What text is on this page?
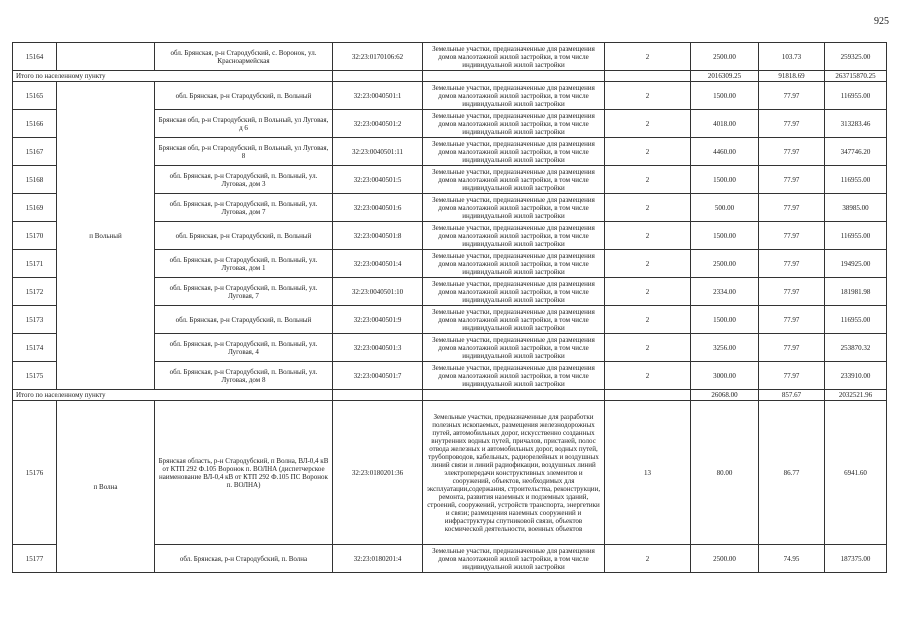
925
15164		обл. Брянская, р-н Стародубский, с. Воронок, ул. Красноармейская	32:23:0170106:62	Земельные участки, предназначенные для размещения домов малоэтажной жилой застройки, в том числе индивидуальной жилой застройки	2	2500.00	103.73	259325.00
Итого по населенному пункту						2016309.25	91818.69	263715870.25
15165	п Вольный	обл. Брянская, р-н Стародубский, п. Вольный	32:23:0040501:1	Земельные участки, предназначенные для размещения домов малоэтажной жилой застройки, в том числе индивидуальной жилой застройки	2	1500.00	77.97	116955.00
15166		Брянская обл, р-н Стародубский, п Вольный, ул Луговая, д 6	32:23:0040501:2	Земельные участки, предназначенные для размещения домов малоэтажной жилой застройки, в том числе индивидуальной жилой застройки	2	4018.00	77.97	313283.46
15167		Брянская обл, р-н Стародубский, п Вольный, ул Луговая, 8	32:23:0040501:11	Земельные участки, предназначенные для размещения домов малоэтажной жилой застройки, в том числе индивидуальной жилой застройки	2	4460.00	77.97	347746.20
15168		обл. Брянская, р-н Стародубский, п. Вольный, ул. Луговая, дом 3	32:23:0040501:5	Земельные участки, предназначенные для размещения домов малоэтажной жилой застройки, в том числе индивидуальной жилой застройки	2	1500.00	77.97	116955.00
15169		обл. Брянская, р-н Стародубский, п. Вольный, ул. Луговая, дом 7	32:23:0040501:6	Земельные участки, предназначенные для размещения домов малоэтажной жилой застройки, в том числе индивидуальной жилой застройки	2	500.00	77.97	38985.00
15170		обл. Брянская, р-н Стародубский, п. Вольный	32:23:0040501:8	Земельные участки, предназначенные для размещения домов малоэтажной жилой застройки, в том числе индивидуальной жилой застройки	2	1500.00	77.97	116955.00
15171		обл. Брянская, р-н Стародубский, п. Вольный, ул. Луговая, дом 1	32:23:0040501:4	Земельные участки, предназначенные для размещения домов малоэтажной жилой застройки, в том числе индивидуальной жилой застройки	2	2500.00	77.97	194925.00
15172		обл. Брянская, р-н Стародубский, п. Вольный, ул. Луговая, 7	32:23:0040501:10	Земельные участки, предназначенные для размещения домов малоэтажной жилой застройки, в том числе индивидуальной жилой застройки	2	2334.00	77.97	181981.98
15173		обл. Брянская, р-н Стародубский, п. Вольный	32:23:0040501:9	Земельные участки, предназначенные для размещения домов малоэтажной жилой застройки, в том числе индивидуальной жилой застройки	2	1500.00	77.97	116955.00
15174		обл. Брянская, р-н Стародубский, п. Вольный, ул. Луговая, 4	32:23:0040501:3	Земельные участки, предназначенные для размещения домов малоэтажной жилой застройки, в том числе индивидуальной жилой застройки	2	3256.00	77.97	253870.32
15175		обл. Брянская, р-н Стародубский, п. Вольный, ул. Луговая, дом 8	32:23:0040501:7	Земельные участки, предназначенные для размещения домов малоэтажной жилой застройки, в том числе индивидуальной жилой застройки	2	3000.00	77.97	233910.00
Итого по населенному пункту						26068.00	857.67	2032521.96
15176	п Волна	Брянская область, р-н Стародубский, п Волна, ВЛ-0,4 кВ от КТП 292 Ф.105 Воронок п. ВОЛНА (диспетчерское наименование ВЛ-0,4 кВ от КТП 292 Ф.105 ПС Воронок п. ВОЛНА)	32:23:0180201:36	Земельные участки, предназначенные для разработки полезных ископаемых, размещения железнодорожных путей, автомобильных дорог, искусственно созданных внутренних водных путей, причалов, пристаней, полос отвода железных и автомобильных дорог, водных путей, трубопроводов, кабельных, радиорелейных и воздушных линий связи и линий радиофикации, воздушных линий электропередачи конструктивных элементов и сооружений, объектов, необходимых для эксплуатации,содержания, строительства, реконструкции, ремонта, развития наземных и подземных зданий, строений, сооружений, устройств транспорта, энергетики и связи; размещения наземных сооружений и инфраструктуры спутниковой связи, объектов космической деятельности, военных объектов	13	80.00	86.77	6941.60
15177		обл. Брянская, р-н Стародубский, п. Волна	32:23:0180201:4	Земельные участки, предназначенные для размещения домов малоэтажной жилой застройки, в том числе индивидуальной жилой застройки	2	2500.00	74.95	187375.00
